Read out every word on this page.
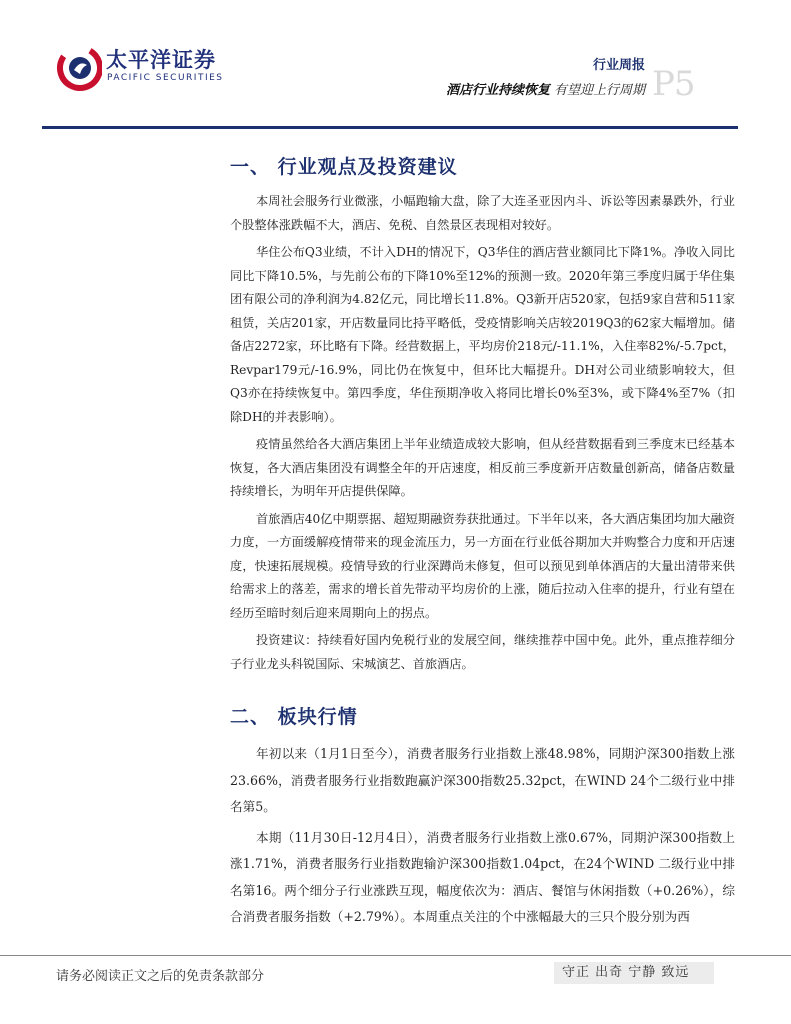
太平洋证券
PACIFIC SECURITIES
行业周报
酒店行业持续恢复 有望迎上行周期 P5
一、 行业观点及投资建议

本周社会服务行业微涨，小幅跑输大盘，除了大连圣亚因内斗、诉讼等因素暴跌外，行业个股整体涨跌幅不大，酒店、免税、自然景区表现相对较好。

华住公布Q3业绩，不计入DH的情况下，Q3华住的酒店营业额同比下降1%。净收入同比同比下降10.5%，与先前公布的下降10%至12%的预测一致。2020年第三季度归属于华住集团有限公司的净利润为4.82亿元，同比增长11.8%。Q3新开店520家，包括9家自营和511家租赁，关店201家，开店数量同比持平略低，受疫情影响关店较2019Q3的62家大幅增加。储备店2272家，环比略有下降。经营数据上，平均房价218元/-11.1%，入住率82%/-5.7pct，Revpar179元/-16.9%，同比仍在恢复中，但环比大幅提升。DH对公司业绩影响较大，但Q3亦在持续恢复中。第四季度，华住预期净收入将同比增长0%至3%，或下降4%至7%（扣除DH的并表影响）。

疫情虽然给各大酒店集团上半年业绩造成较大影响，但从经营数据看到三季度末已经基本恢复，各大酒店集团没有调整全年的开店速度，相反前三季度新开店数量创新高，储备店数量持续增长，为明年开店提供保障。

首旅酒店40亿中期票据、超短期融资券获批通过。下半年以来，各大酒店集团均加大融资力度，一方面缓解疫情带来的现金流压力，另一方面在行业低谷期加大并购整合力度和开店速度，快速拓展规模。疫情导致的行业深蹲尚未修复，但可以预见到单体酒店的大量出清带来供给需求上的落差，需求的增长首先带动平均房价的上涨，随后拉动入住率的提升，行业有望在经历至暗时刻后迎来周期向上的拐点。

投资建议：持续看好国内免税行业的发展空间，继续推荐中国中免。此外，重点推荐细分子行业龙头科锐国际、宋城演艺、首旅酒店。

二、 板块行情

年初以来（1月1日至今），消费者服务行业指数上涨48.98%，同期沪深300指数上涨23.66%，消费者服务行业指数跑赢沪深300指数25.32pct，在WIND 24个二级行业中排名第5。

本期（11月30日-12月4日），消费者服务行业指数上涨0.67%，同期沪深300指数上涨1.71%，消费者服务行业指数跑输沪深300指数1.04pct，在24个WIND 二级行业中排名第16。两个细分子行业涨跌互现，幅度依次为：酒店、餐馆与休闲指数（+0.26%），综合消费者服务指数（+2.79%）。本周重点关注的个中涨幅最大的三只个股分别为西

请务必阅读正文之后的免责条款部分	守正 出奇 宁静 致远
